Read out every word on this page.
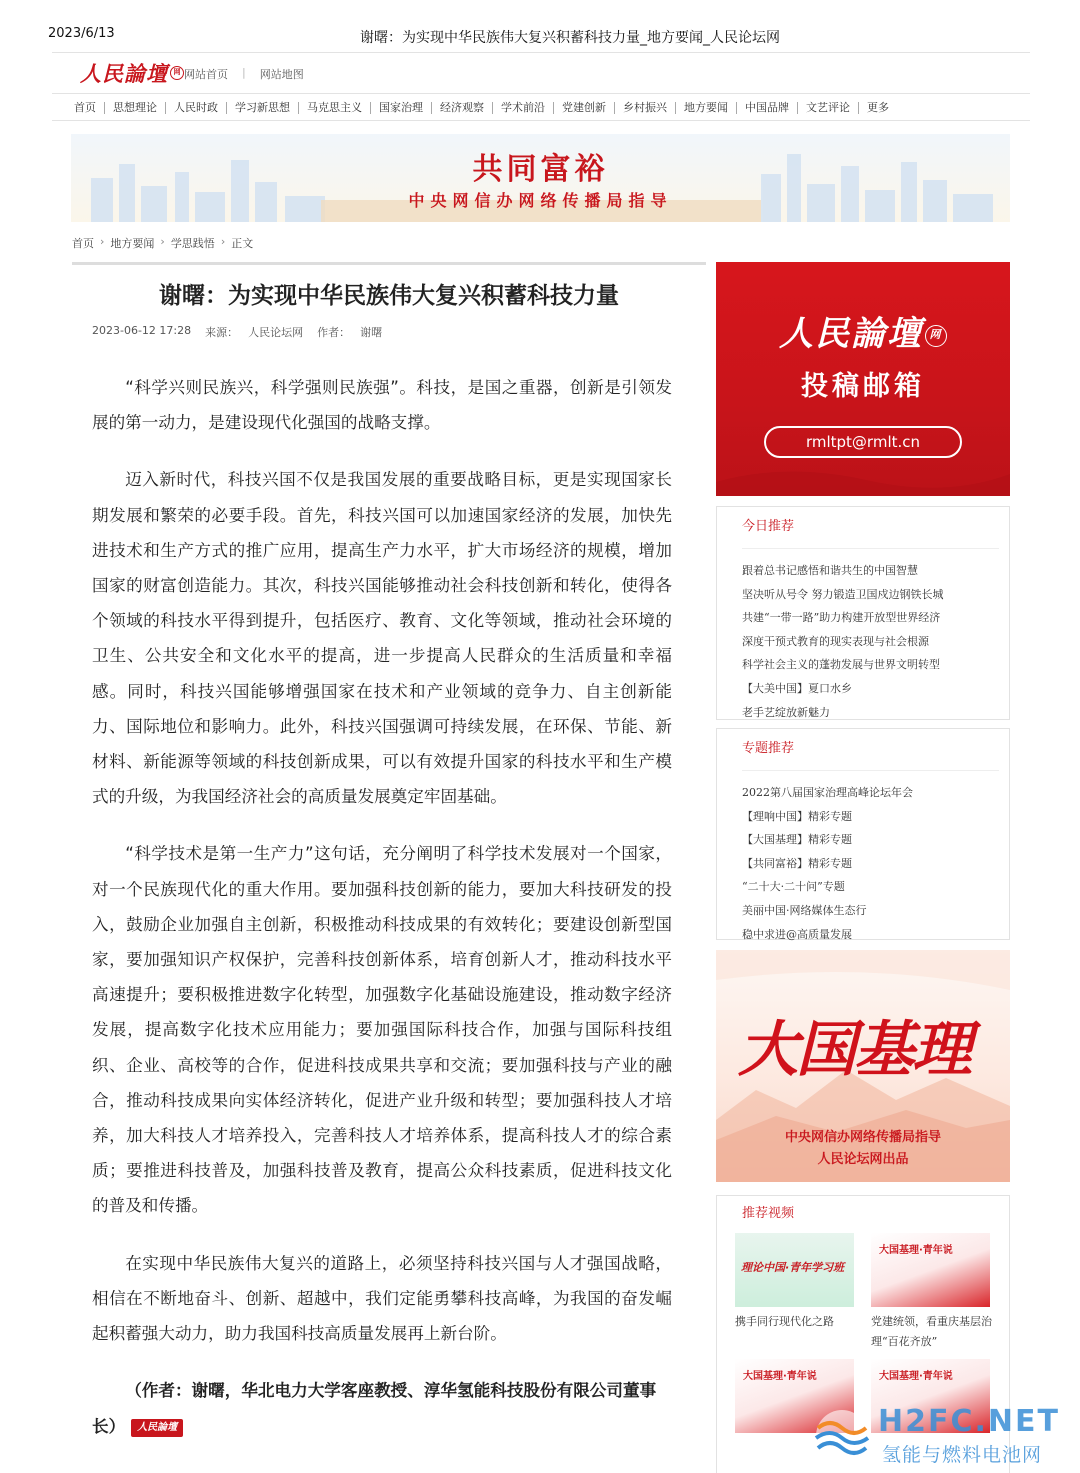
2023/6/13	谢曙：为实现中华民族伟大复兴积蓄科技力量_地方要闻_人民论坛网
人民論壇 网 网站首页	|	网站地图
首页	思想理论	人民时政	学习新思想	马克思主义	国家治理	经济观察	学术前沿	党建创新	乡村振兴	地方要闻	中国品牌	文艺评论	更多
共同富裕
中央网信办网络传播局指导
首页 › 地方要闻 › 学思践悟 › 正文
谢曙：为实现中华民族伟大复兴积蓄科技力量
2023-06-12 17:28 来源： 人民论坛网 作者： 谢曙

“科学兴则民族兴，科学强则民族强”。科技，是国之重器，创新是引领发展的第一动力，是建设现代化强国的战略支撑。

迈入新时代，科技兴国不仅是我国发展的重要战略目标，更是实现国家长期发展和繁荣的必要手段。首先，科技兴国可以加速国家经济的发展，加快先进技术和生产方式的推广应用，提高生产力水平，扩大市场经济的规模，增加国家的财富创造能力。其次，科技兴国能够推动社会科技创新和转化，使得各个领域的科技水平得到提升，包括医疗、教育、文化等领域，推动社会环境的卫生、公共安全和文化水平的提高，进一步提高人民群众的生活质量和幸福感。同时，科技兴国能够增强国家在技术和产业领域的竞争力、自主创新能力、国际地位和影响力。此外，科技兴国强调可持续发展，在环保、节能、新材料、新能源等领域的科技创新成果，可以有效提升国家的科技水平和生产模式的升级，为我国经济社会的高质量发展奠定牢固基础。

“科学技术是第一生产力”这句话，充分阐明了科学技术发展对一个国家，对一个民族现代化的重大作用。要加强科技创新的能力，要加大科技研发的投入，鼓励企业加强自主创新，积极推动科技成果的有效转化；要建设创新型国家，要加强知识产权保护，完善科技创新体系，培育创新人才，推动科技水平高速提升；要积极推进数字化转型，加强数字化基础设施建设，推动数字经济发展，提高数字化技术应用能力；要加强国际科技合作，加强与国际科技组织、企业、高校等的合作，促进科技成果共享和交流；要加强科技与产业的融合，推动科技成果向实体经济转化，促进产业升级和转型；要加强科技人才培养，加大科技人才培养投入，完善科技人才培养体系，提高科技人才的综合素质；要推进科技普及，加强科技普及教育，提高公众科技素质，促进科技文化的普及和传播。

在实现中华民族伟大复兴的道路上，必须坚持科技兴国与人才强国战略，相信在不断地奋斗、创新、超越中，我们定能勇攀科技高峰，为我国的奋发崛起积蓄强大动力，助力我国科技高质量发展再上新台阶。

（作者：谢曙，华北电力大学客座教授、淳华氢能科技股份有限公司董事长） 人民論壇

人民論壇 网
投稿邮箱
rmltpt@rmlt.cn
今日推荐
跟着总书记感悟和谐共生的中国智慧
坚决听从号令 努力锻造卫国戍边钢铁长城
共建“一带一路”助力构建开放型世界经济
深度干预式教育的现实表现与社会根源
科学社会主义的蓬勃发展与世界文明转型
【大美中国】夏口水乡
老手艺绽放新魅力
专题推荐
2022第八届国家治理高峰论坛年会
【理响中国】精彩专题
【大国基理】精彩专题
【共同富裕】精彩专题
“二十大·二十问”专题
美丽中国·网络媒体生态行
稳中求进@高质量发展
大国基理
中央网信办网络传播局指导
人民论坛网出品
推荐视频
理论中国·青年学习班
携手同行现代化之路
大国基理·青年说
党建统领，看重庆基层治理“百花齐放”
大国基理·青年说	大国基理·青年说
H2FC.NET
氢能与燃料电池网
